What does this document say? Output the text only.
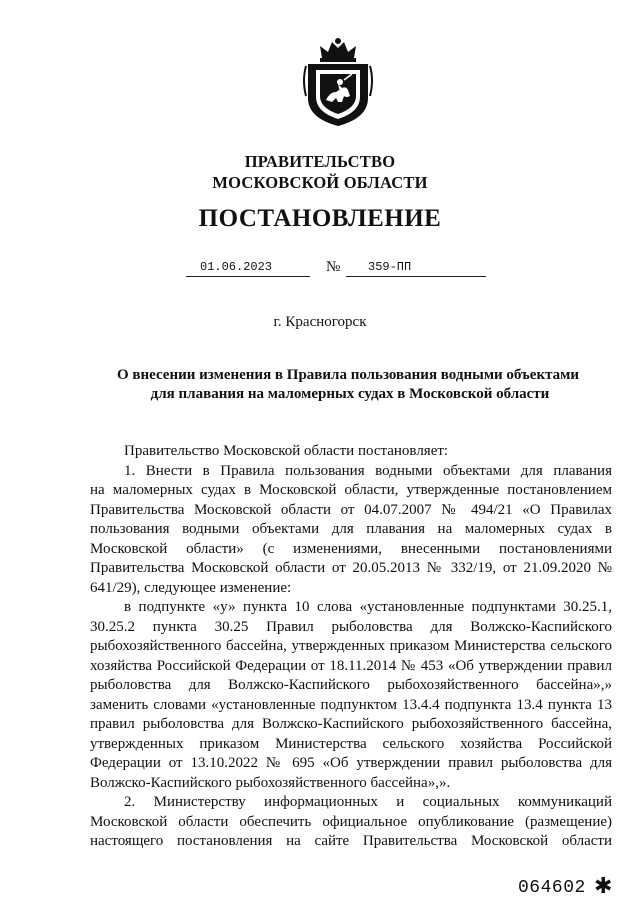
ПРАВИТЕЛЬСТВО
МОСКОВСКОЙ ОБЛАСТИ
ПОСТАНОВЛЕНИЕ
01.06.2023	№	359-ПП
г. Красногорск
О внесении изменения в Правила пользования водными объектами
для плавания на маломерных судах в Московской области

Правительство Московской области постановляет:

1. Внести в Правила пользования водными объектами для плавания

на маломерных судах в Московской области, утвержденные постановлением Правительства Московской области от 04.07.2007 № 494/21 «О Правилах пользования водными объектами для плавания на маломерных судах в Московской области» (с изменениями, внесенными постановлениями Правительства Московской области от 20.05.2013 № 332/19, от 21.09.2020 № 641/29), следующее изменение:

в подпункте «у» пункта 10 слова «установленные подпунктами 30.25.1,

30.25.2 пункта 30.25 Правил рыболовства для Волжско-Каспийского рыбохозяйственного бассейна, утвержденных приказом Министерства сельского хозяйства Российской Федерации от 18.11.2014 № 453 «Об утверждении правил рыболовства для Волжско-Каспийского рыбохозяйственного бассейна»,» заменить словами «установленные подпунктом 13.4.4 подпункта 13.4 пункта 13 правил рыболовства для Волжско-Каспийского рыбохозяйственного бассейна, утвержденных приказом Министерства сельского хозяйства Российской Федерации от 13.10.2022 № 695 «Об утверждении правил рыболовства для Волжско-Каспийского рыбохозяйственного бассейна»,».

2. Министерству информационных и социальных коммуникаций

Московской области обеспечить официальное опубликование (размещение) настоящего постановления на сайте Правительства Московской области

064602 ✱
